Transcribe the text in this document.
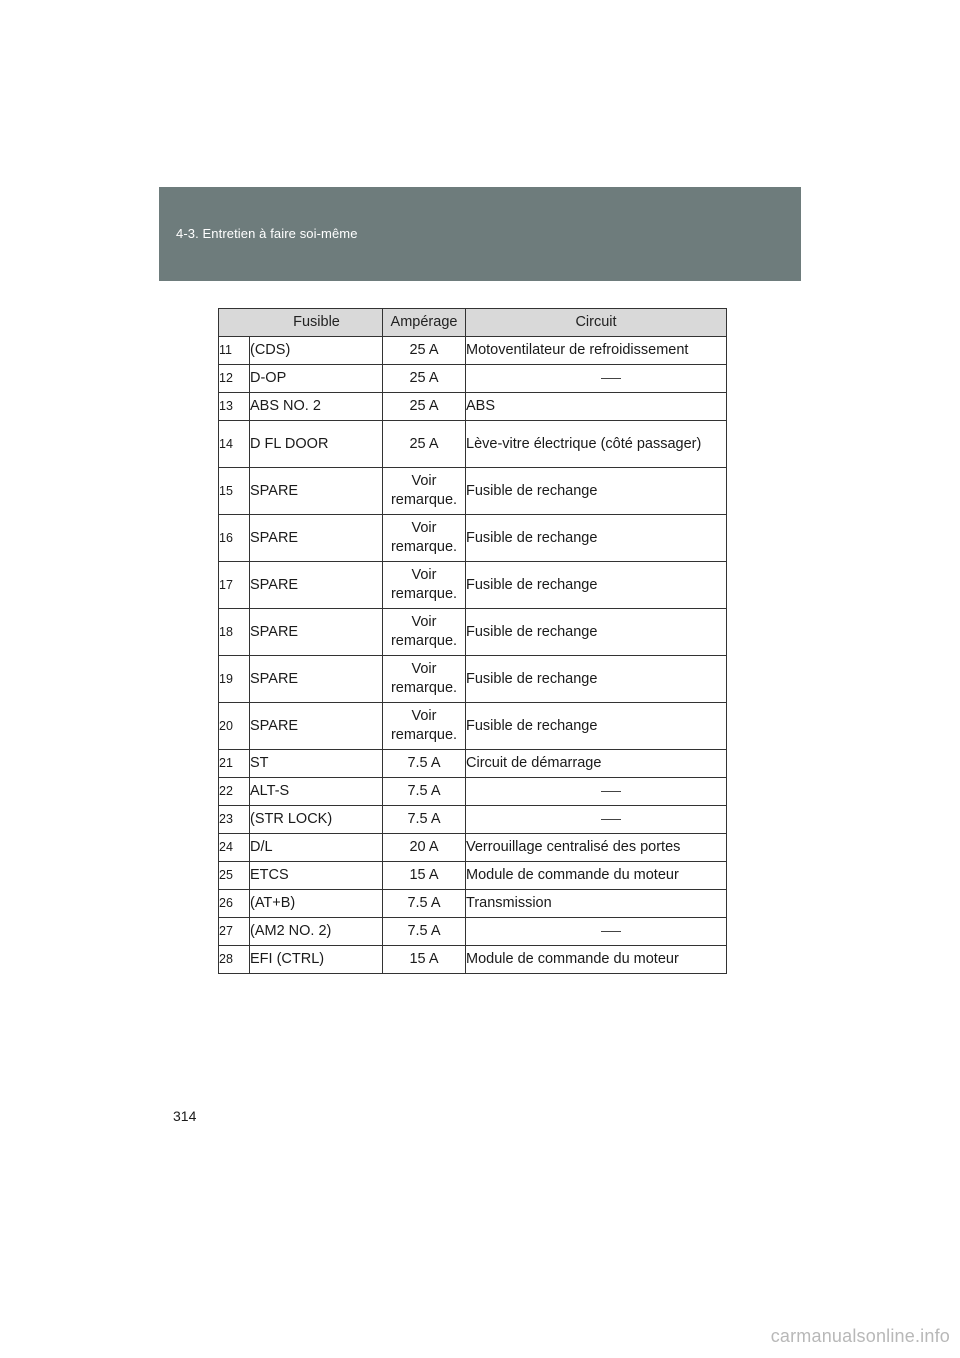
4-3. Entretien à faire soi-même
Fusible		Ampérage	Circuit
11	(CDS)	25 A	Motoventilateur de refroidissement
12	D-OP	25 A	
13	ABS NO. 2	25 A	ABS
14	D FL DOOR	25 A	Lève-vitre électrique (côté passager)
15	SPARE	Voir remarque.	Fusible de rechange
16	SPARE	Voir remarque.	Fusible de rechange
17	SPARE	Voir remarque.	Fusible de rechange
18	SPARE	Voir remarque.	Fusible de rechange
19	SPARE	Voir remarque.	Fusible de rechange
20	SPARE	Voir remarque.	Fusible de rechange
21	ST	7.5 A	Circuit de démarrage
22	ALT-S	7.5 A	
23	(STR LOCK)	7.5 A	
24	D/L	20 A	Verrouillage centralisé des portes
25	ETCS	15 A	Module de commande du moteur
26	(AT+B)	7.5 A	Transmission
27	(AM2 NO. 2)	7.5 A	
28	EFI (CTRL)	15 A	Module de commande du moteur
314
carmanualsonline.info
